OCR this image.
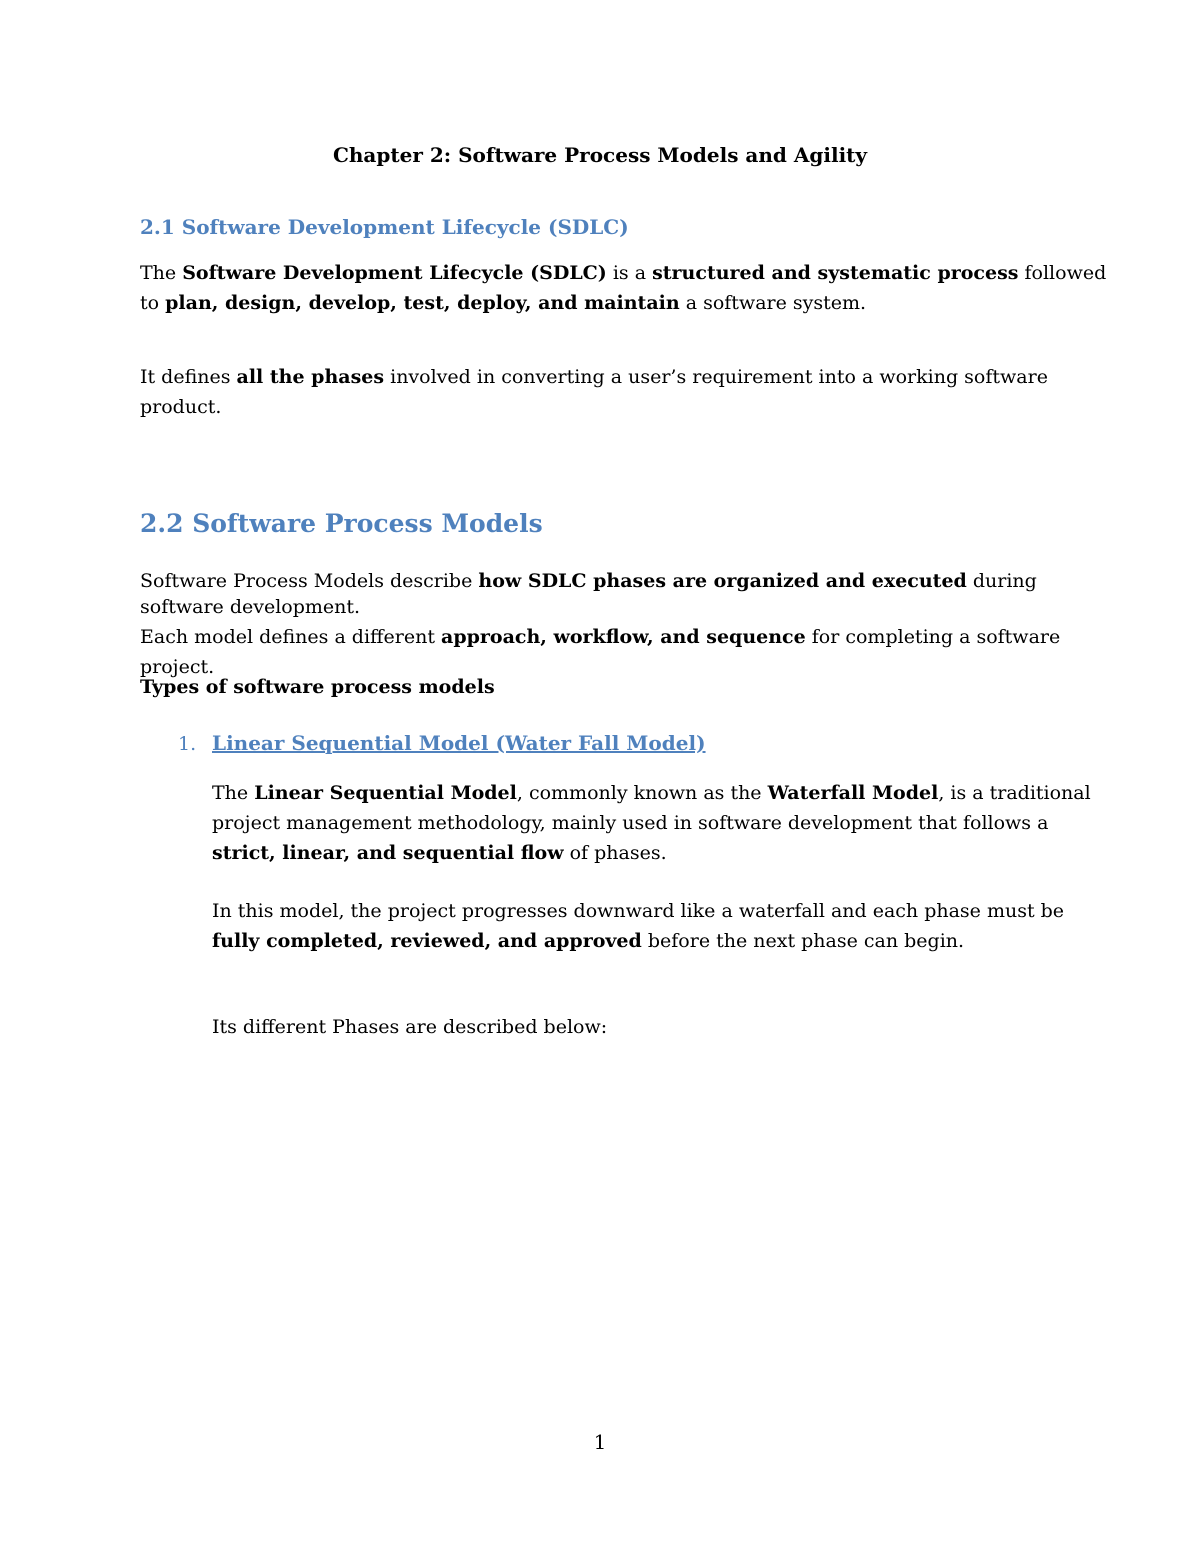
Chapter 2: Software Process Models and Agility

2.1 Software Development Lifecycle (SDLC)

The Software Development Lifecycle (SDLC) is a structured and systematic process followed to plan, design, develop, test, deploy, and maintain a software system.

It defines all the phases involved in converting a user’s requirement into a working software product.

2.2 Software Process Models

Software Process Models describe how SDLC phases are organized and executed during software development.

Each model defines a different approach, workflow, and sequence for completing a software project.

Types of software process models

1. Linear Sequential Model (Water Fall Model)

The Linear Sequential Model, commonly known as the Waterfall Model, is a traditional project management methodology, mainly used in software development that follows a strict, linear, and sequential flow of phases.

In this model, the project progresses downward like a waterfall and each phase must be fully completed, reviewed, and approved before the next phase can begin.

Its different Phases are described below:

1
